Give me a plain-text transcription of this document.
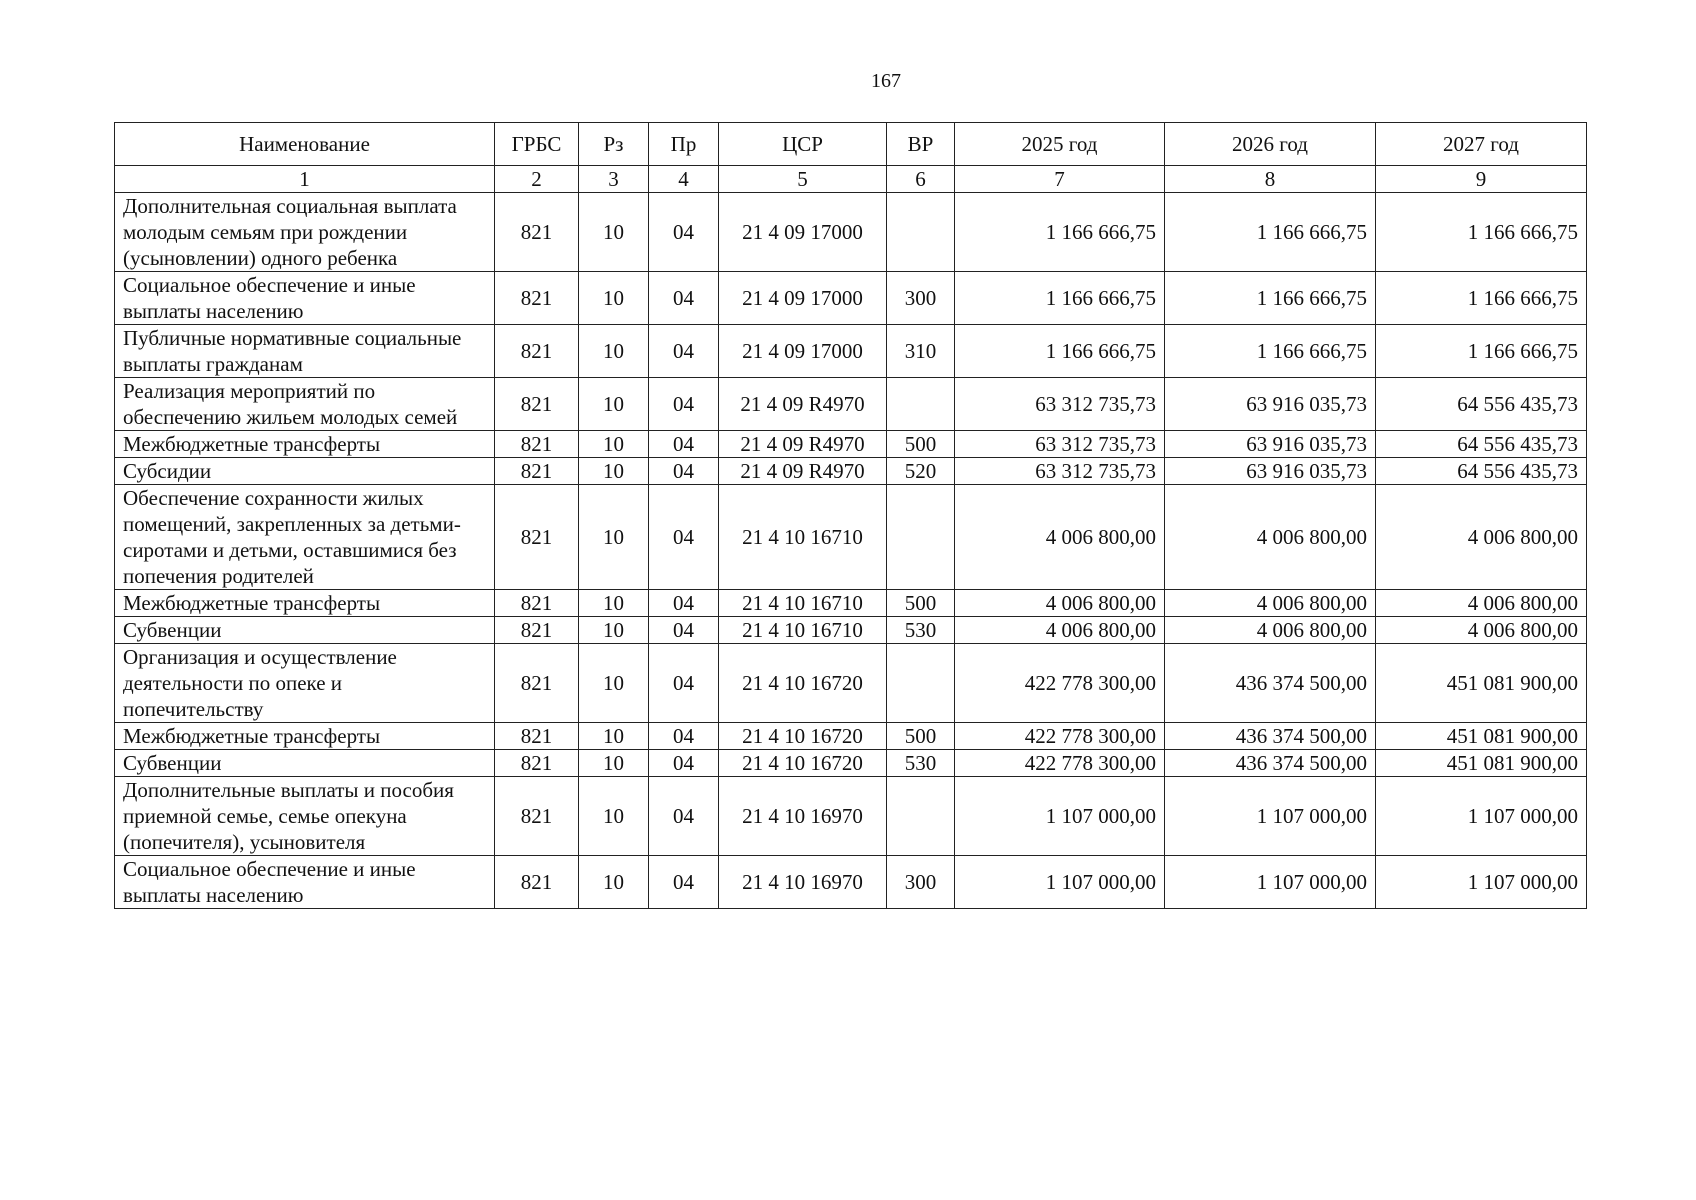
167
Наименование	ГРБС	Рз	Пр	ЦСР	ВР	2025 год	2026 год	2027 год
1	2	3	4	5	6	7	8	9
Дополнительная социальная выплата молодым семьям при рождении (усыновлении) одного ребенка	821	10	04	21 4 09 17000		1 166 666,75	1 166 666,75	1 166 666,75
Социальное обеспечение и иные выплаты населению	821	10	04	21 4 09 17000	300	1 166 666,75	1 166 666,75	1 166 666,75
Публичные нормативные социальные выплаты гражданам	821	10	04	21 4 09 17000	310	1 166 666,75	1 166 666,75	1 166 666,75
Реализация мероприятий по обеспечению жильем молодых семей	821	10	04	21 4 09 R4970		63 312 735,73	63 916 035,73	64 556 435,73
Межбюджетные трансферты	821	10	04	21 4 09 R4970	500	63 312 735,73	63 916 035,73	64 556 435,73
Субсидии	821	10	04	21 4 09 R4970	520	63 312 735,73	63 916 035,73	64 556 435,73
Обеспечение сохранности жилых помещений, закрепленных за детьми-сиротами и детьми, оставшимися без попечения родителей	821	10	04	21 4 10 16710		4 006 800,00	4 006 800,00	4 006 800,00
Межбюджетные трансферты	821	10	04	21 4 10 16710	500	4 006 800,00	4 006 800,00	4 006 800,00
Субвенции	821	10	04	21 4 10 16710	530	4 006 800,00	4 006 800,00	4 006 800,00
Организация и осуществление деятельности по опеке и попечительству	821	10	04	21 4 10 16720		422 778 300,00	436 374 500,00	451 081 900,00
Межбюджетные трансферты	821	10	04	21 4 10 16720	500	422 778 300,00	436 374 500,00	451 081 900,00
Субвенции	821	10	04	21 4 10 16720	530	422 778 300,00	436 374 500,00	451 081 900,00
Дополнительные выплаты и пособия приемной семье, семье опекуна (попечителя), усыновителя	821	10	04	21 4 10 16970		1 107 000,00	1 107 000,00	1 107 000,00
Социальное обеспечение и иные выплаты населению	821	10	04	21 4 10 16970	300	1 107 000,00	1 107 000,00	1 107 000,00
